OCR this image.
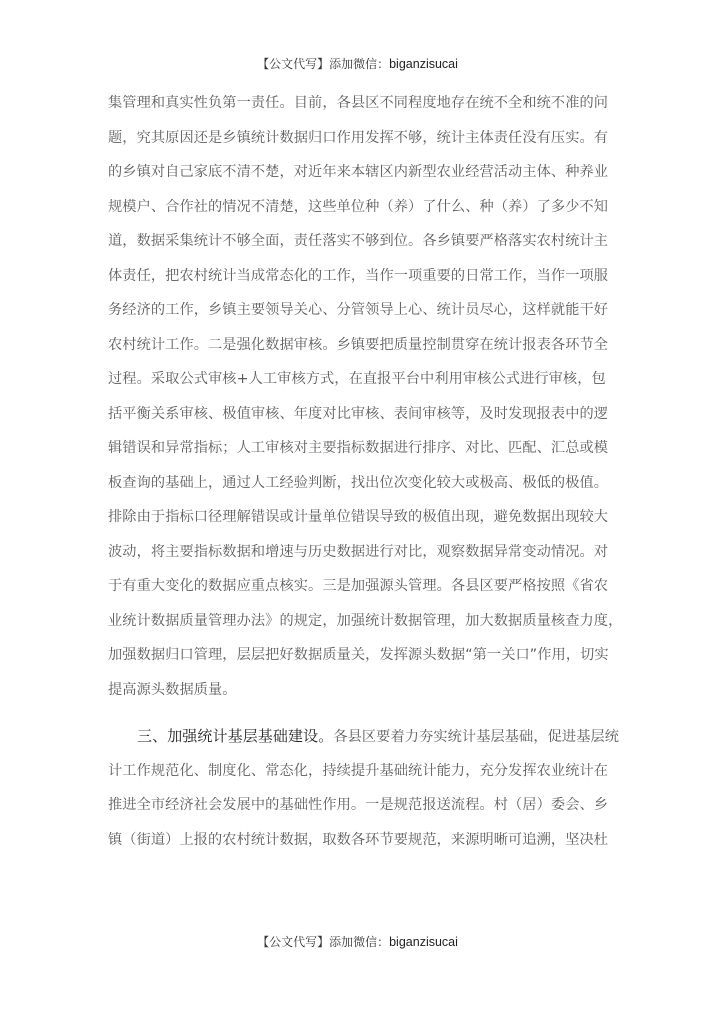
【公文代写】添加微信：biganzisucai
集管理和真实性负第一责任。目前，各县区不同程度地存在统不全和统不准的问
题，究其原因还是乡镇统计数据归口作用发挥不够，统计主体责任没有压实。有
的乡镇对自己家底不清不楚，对近年来本辖区内新型农业经营活动主体、种养业
规模户、合作社的情况不清楚，这些单位种（养）了什么、种（养）了多少不知
道，数据采集统计不够全面，责任落实不够到位。各乡镇要严格落实农村统计主
体责任，把农村统计当成常态化的工作，当作一项重要的日常工作，当作一项服
务经济的工作，乡镇主要领导关心、分管领导上心、统计员尽心，这样就能干好
农村统计工作。二是强化数据审核。乡镇要把质量控制贯穿在统计报表各环节全
过程。采取公式审核+人工审核方式，在直报平台中利用审核公式进行审核，包
括平衡关系审核、极值审核、年度对比审核、表间审核等，及时发现报表中的逻
辑错误和异常指标；人工审核对主要指标数据进行排序、对比、匹配、汇总或模
板查询的基础上，通过人工经验判断，找出位次变化较大或极高、极低的极值。
排除由于指标口径理解错误或计量单位错误导致的极值出现，避免数据出现较大
波动，将主要指标数据和增速与历史数据进行对比，观察数据异常变动情况。对
于有重大变化的数据应重点核实。三是加强源头管理。各县区要严格按照《省农
业统计数据质量管理办法》的规定，加强统计数据管理，加大数据质量核查力度，
加强数据归口管理，层层把好数据质量关，发挥源头数据“第一关口”作用，切实
提高源头数据质量。
三、加强统计基层基础建设。各县区要着力夯实统计基层基础，促进基层统
计工作规范化、制度化、常态化，持续提升基础统计能力，充分发挥农业统计在
推进全市经济社会发展中的基础性作用。一是规范报送流程。村（居）委会、乡
镇（街道）上报的农村统计数据，取数各环节要规范，来源明晰可追溯，坚决杜
【公文代写】添加微信：biganzisucai
